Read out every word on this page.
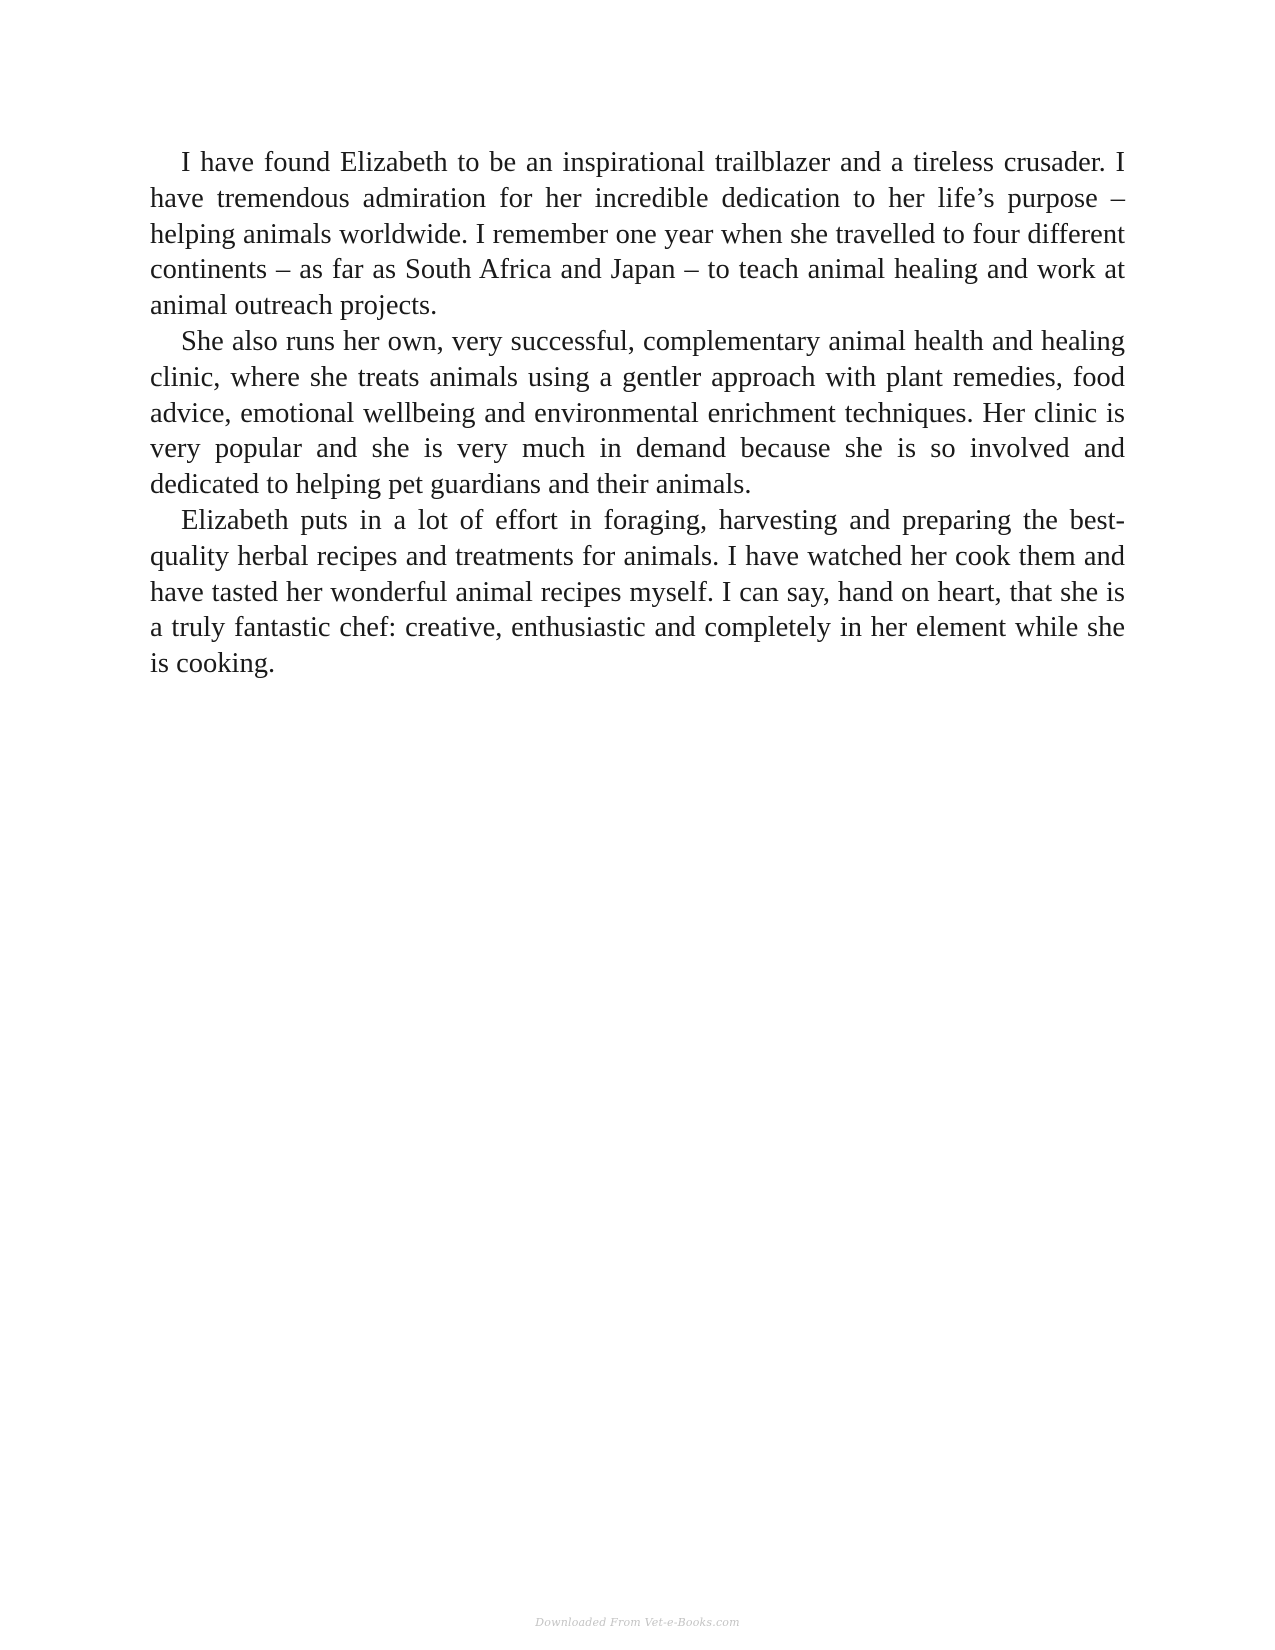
I have found Elizabeth to be an inspirational trailblazer and a tireless crusader. I have tremendous admiration for her incredible dedication to her life’s purpose – helping animals worldwide. I remember one year when she travelled to four different continents – as far as South Africa and Japan – to teach animal healing and work at animal outreach projects.

She also runs her own, very successful, complementary animal health and healing clinic, where she treats animals using a gentler approach with plant remedies, food advice, emotional wellbeing and environmental enrichment techniques. Her clinic is very popular and she is very much in demand because she is so involved and dedicated to helping pet guardians and their animals.

Elizabeth puts in a lot of effort in foraging, harvesting and preparing the best-quality herbal recipes and treatments for animals. I have watched her cook them and have tasted her wonderful animal recipes myself. I can say, hand on heart, that she is a truly fantastic chef: creative, enthusiastic and completely in her element while she is cooking.

Downloaded From Vet-e-Books.com
